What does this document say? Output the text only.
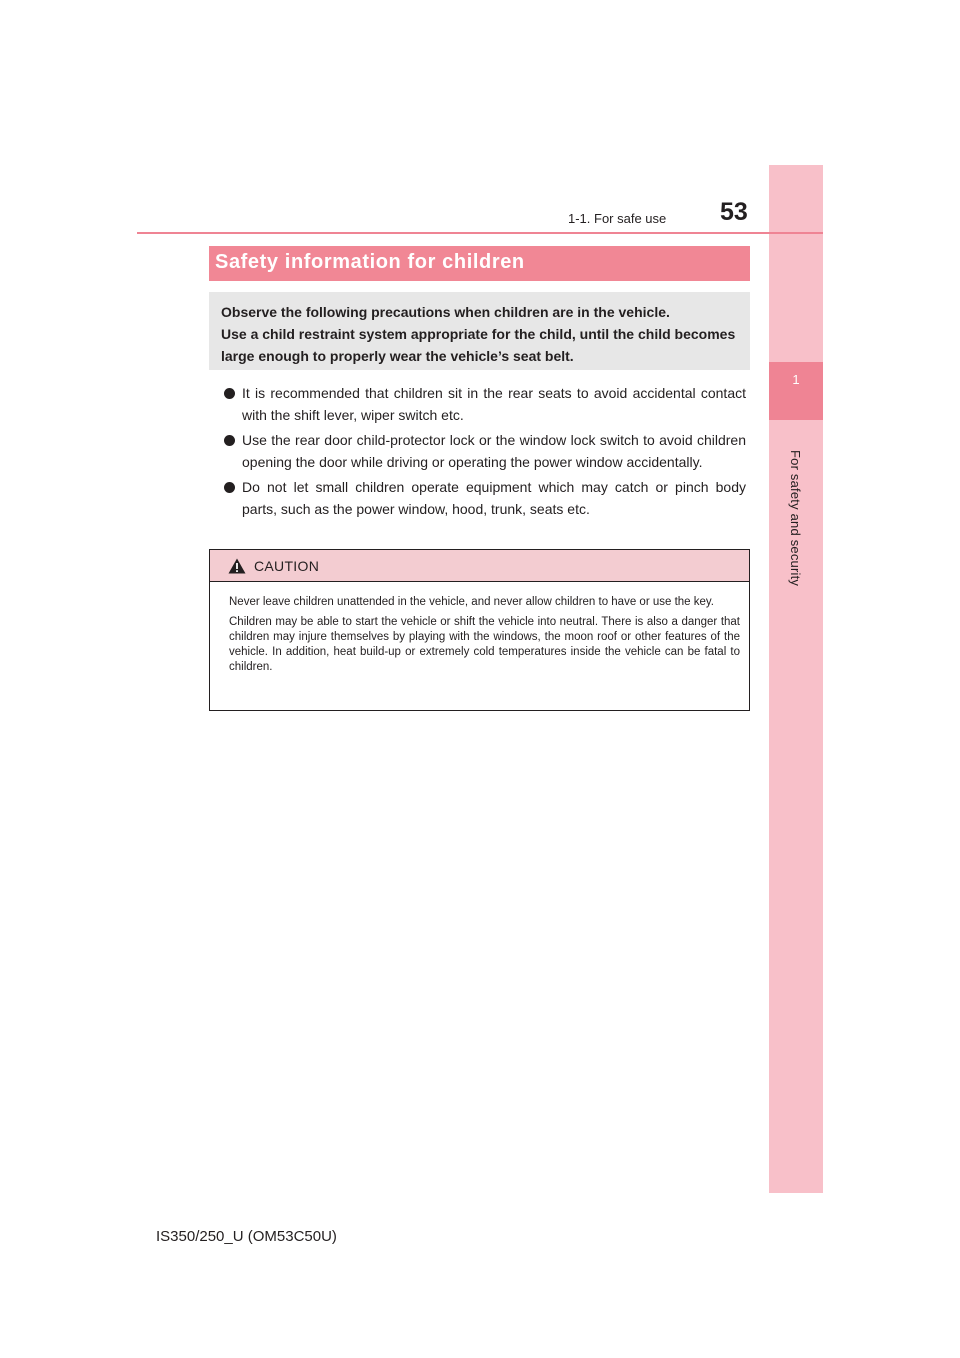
1
For safety and security
1-1. For safe use 53
Safety information for children

Observe the following precautions when children are in the vehicle.

Use a child restraint system appropriate for the child, until the child becomes large enough to properly wear the vehicle’s seat belt.

It is recommended that children sit in the rear seats to avoid accidental contact with the shift lever, wiper switch etc.
Use the rear door child-protector lock or the window lock switch to avoid children opening the door while driving or operating the power window accidentally.
Do not let small children operate equipment which may catch or pinch body parts, such as the power window, hood, trunk, seats etc.
CAUTION

Never leave children unattended in the vehicle, and never allow children to have or use the key.

Children may be able to start the vehicle or shift the vehicle into neutral. There is also a danger that children may injure themselves by playing with the windows, the moon roof or other features of the vehicle. In addition, heat build-up or extremely cold temperatures inside the vehicle can be fatal to children.

IS350/250_U (OM53C50U)
